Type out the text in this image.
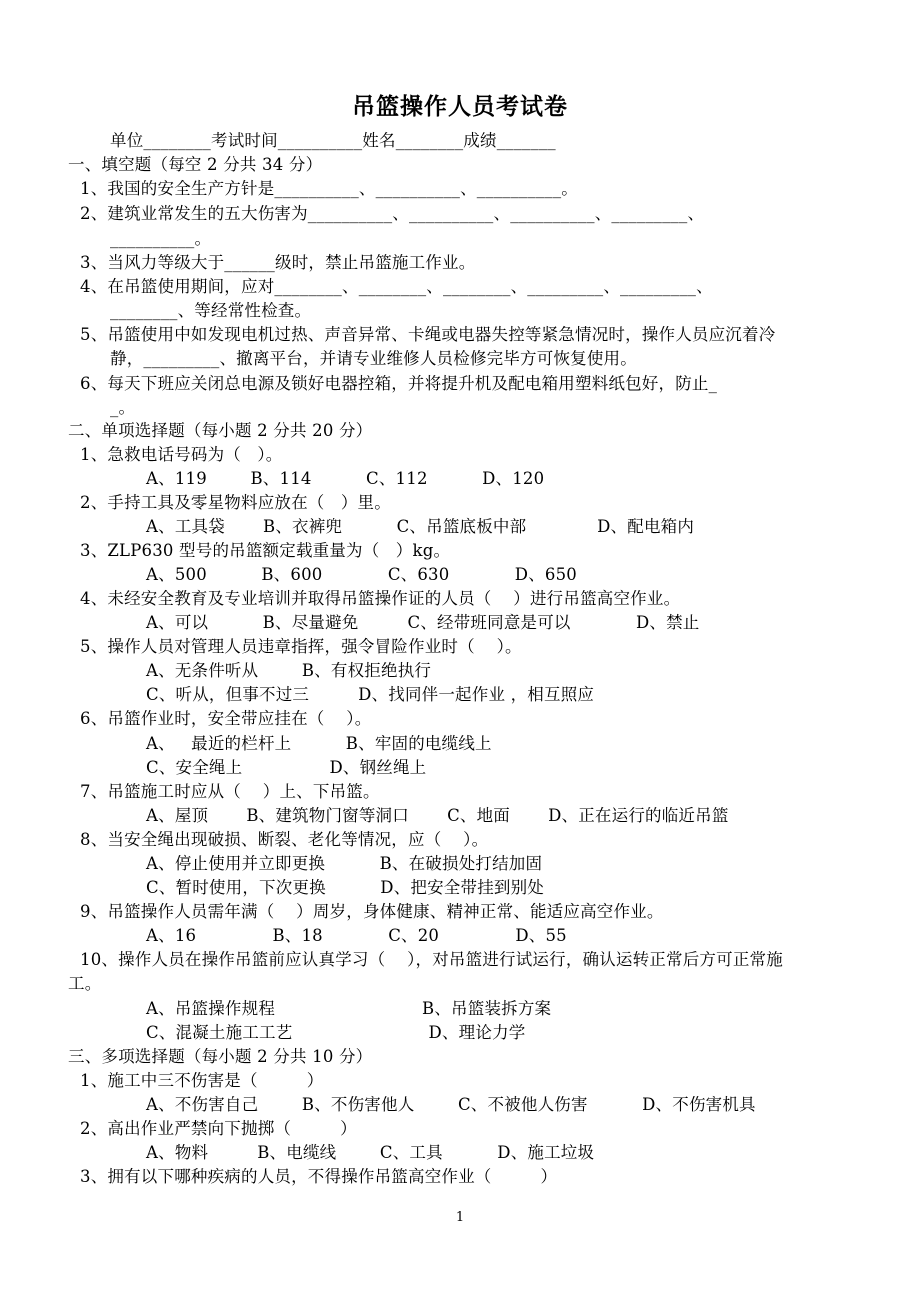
吊篮操作人员考试卷
单位________考试时间__________姓名________成绩_______
一、填空题（每空 2 分共 34 分）
1、我国的安全生产方针是__________、__________、__________。
2、建筑业常发生的五大伤害为__________、__________、__________、_________、
__________。
3、当风力等级大于______级时，禁止吊篮施工作业。
4、在吊篮使用期间，应对________、________、________、_________、_________、
________、等经常性检查。
5、吊篮使用中如发现电机过热、声音异常、卡绳或电器失控等紧急情况时，操作人员应沉着冷
静，_________、撤离平台，并请专业维修人员检修完毕方可恢复使用。
6、每天下班应关闭总电源及锁好电器控箱，并将提升机及配电箱用塑料纸包好，防止_
_。
二、单项选择题（每小题 2 分共 20 分）
1、急救电话号码为（   ）。
A、119        B、114          C、112          D、120
2、手持工具及零星物料应放在（   ）里。
A、工具袋       B、衣裤兜          C、吊篮底板中部             D、配电箱内
3、ZLP630 型号的吊篮额定载重量为（   ）kg。
A、500          B、600            C、630            D、650
4、未经安全教育及专业培训并取得吊篮操作证的人员（    ）进行吊篮高空作业。
A、可以          B、尽量避免         C、经带班同意是可以            D、禁止
5、操作人员对管理人员违章指挥，强令冒险作业时（    ）。
A、无条件听从        B、有权拒绝执行
C、听从，但事不过三         D、找同伴一起作业 ，相互照应
6、吊篮作业时，安全带应挂在（    ）。
A、   最近的栏杆上          B、牢固的电缆线上
C、安全绳上                D、钢丝绳上
7、吊篮施工时应从（    ）上、下吊篮。
A、屋顶       B、建筑物门窗等洞口       C、地面       D、正在运行的临近吊篮
8、当安全绳出现破损、断裂、老化等情况，应（    ）。
A、停止使用并立即更换          B、在破损处打结加固
C、暂时使用，下次更换          D、把安全带挂到别处
9、吊篮操作人员需年满（    ）周岁，身体健康、精神正常、能适应高空作业。
A、16              B、18            C、20              D、55
10、操作人员在操作吊篮前应认真学习（    ），对吊篮进行试运行，确认运转正常后方可正常施
工。
A、吊篮操作规程                           B、吊篮装拆方案
C、混凝土施工工艺                         D、理论力学
三、多项选择题（每小题 2 分共 10 分）
1、施工中三不伤害是（         ）
A、不伤害自己        B、不伤害他人        C、不被他人伤害          D、不伤害机具
2、高出作业严禁向下抛掷（         ）
A、物料         B、电缆线        C、工具          D、施工垃圾
3、拥有以下哪种疾病的人员，不得操作吊篮高空作业（         ）
1
